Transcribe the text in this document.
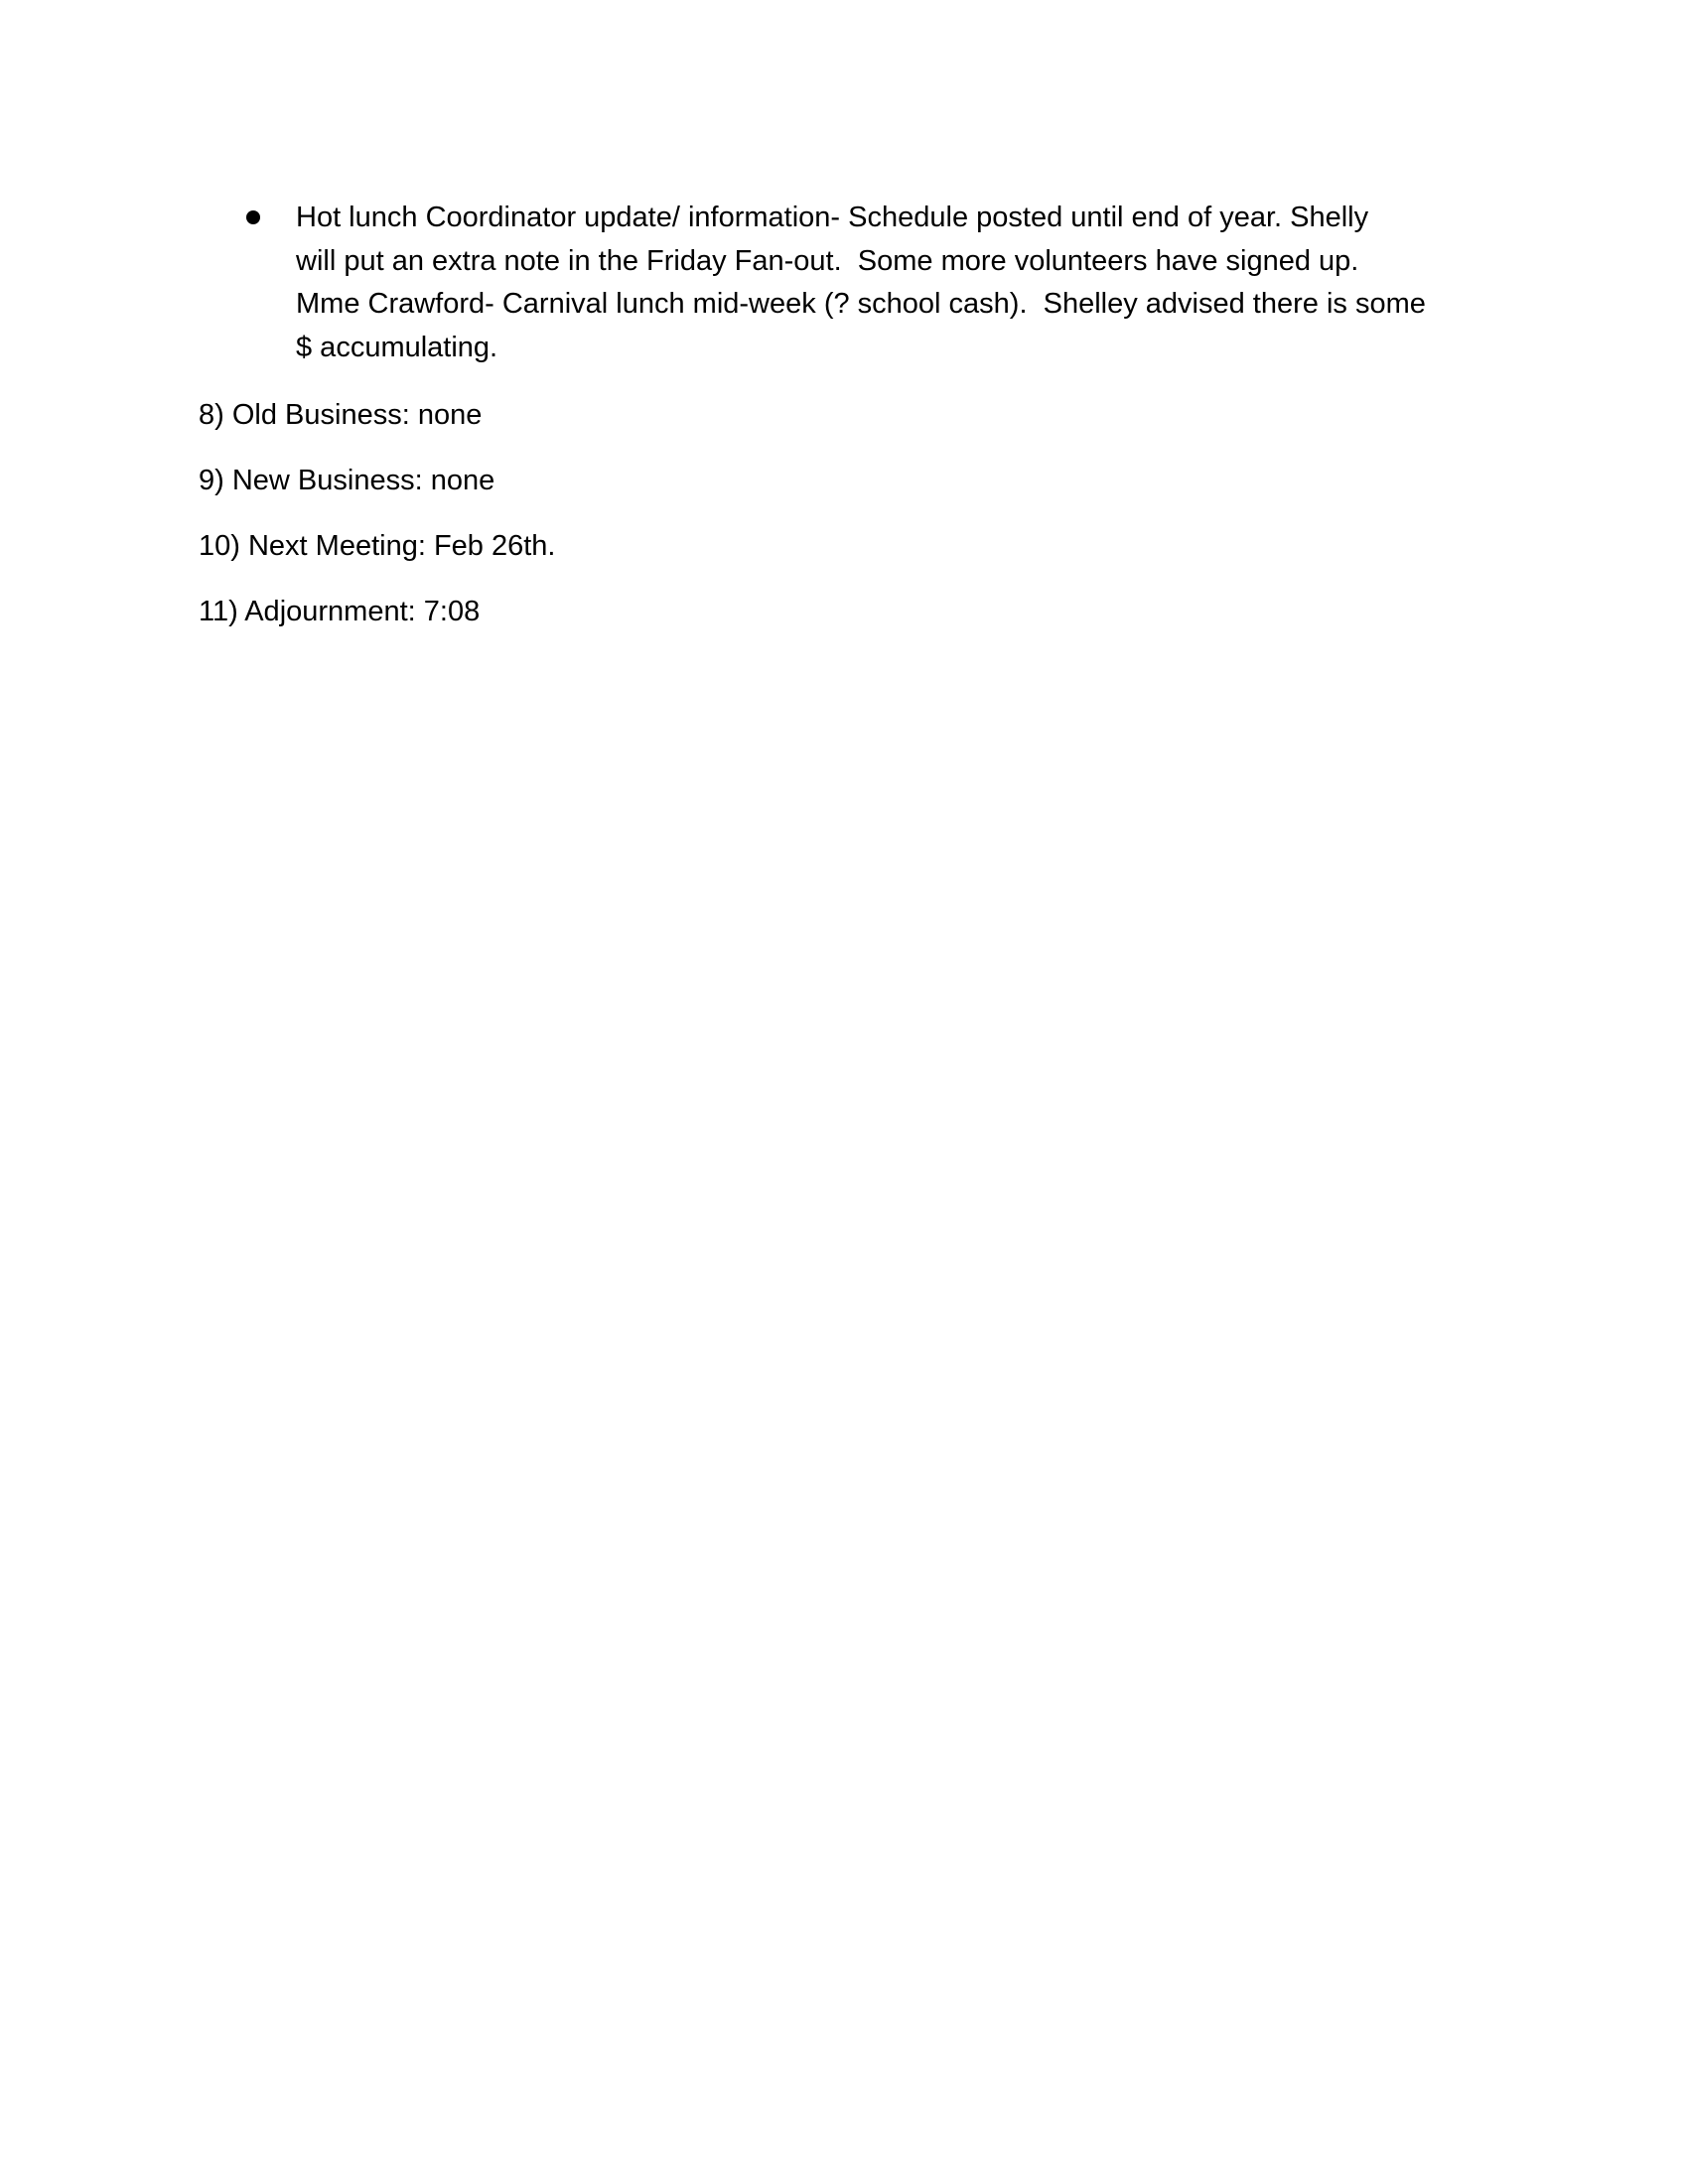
Hot lunch Coordinator update/ information- Schedule posted until end of year. Shelly
will put an extra note in the Friday Fan-out.  Some more volunteers have signed up.
Mme Crawford- Carnival lunch mid-week (? school cash).  Shelley advised there is some
$ accumulating.
8) Old Business: none
9) New Business: none
10) Next Meeting: Feb 26th.
11) Adjournment: 7:08
